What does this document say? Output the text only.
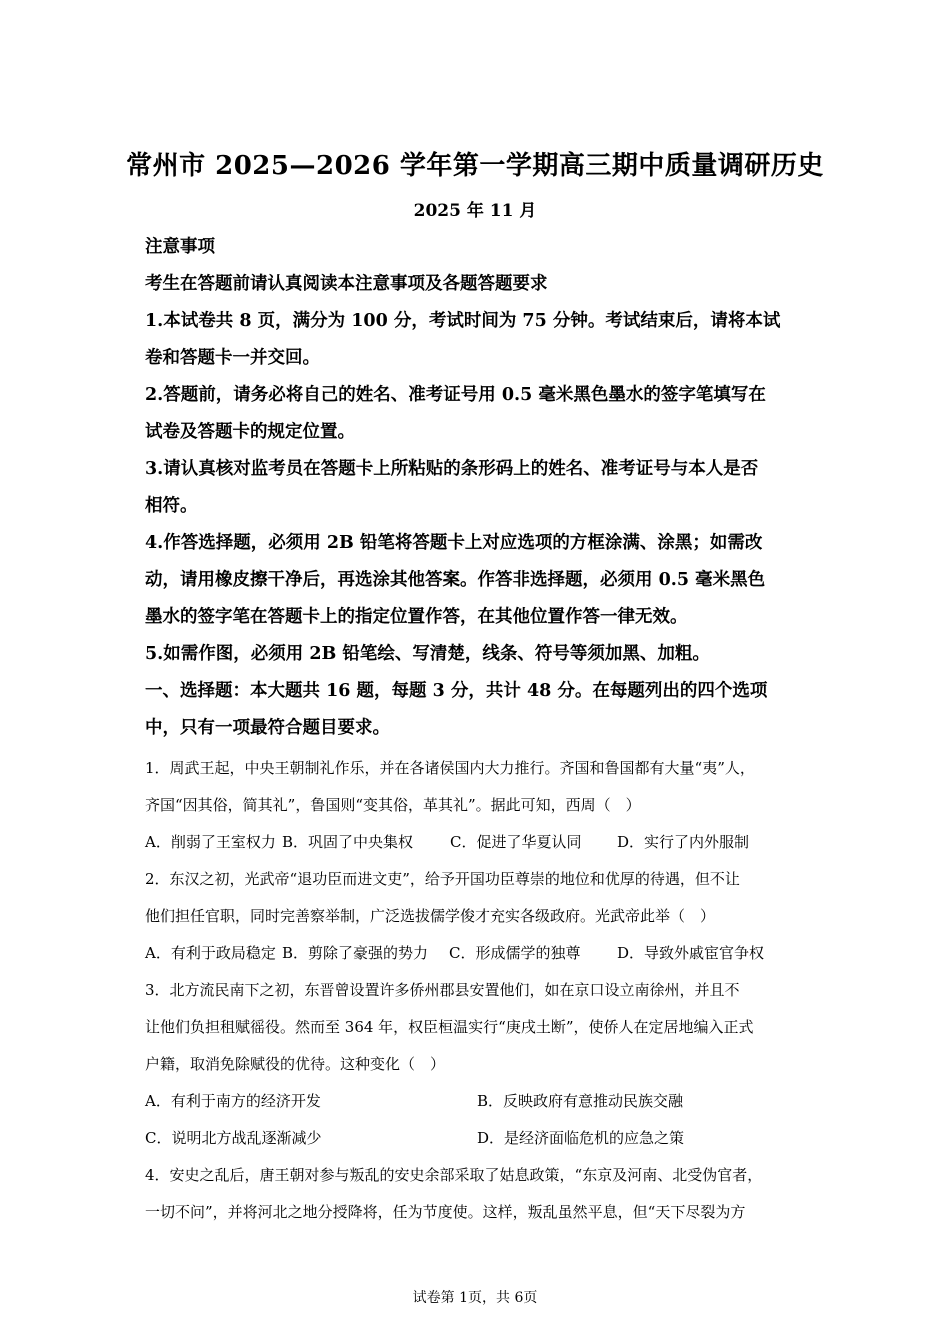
常州市 2025—2026 学年第一学期高三期中质量调研历史
2025 年 11 月
注意事项
考生在答题前请认真阅读本注意事项及各题答题要求
1.本试卷共 8 页，满分为 100 分，考试时间为 75 分钟。考试结束后，请将本试
卷和答题卡一并交回。
2.答题前，请务必将自己的姓名、准考证号用 0.5 毫米黑色墨水的签字笔填写在
试卷及答题卡的规定位置。
3.请认真核对监考员在答题卡上所粘贴的条形码上的姓名、准考证号与本人是否
相符。
4.作答选择题，必须用 2B 铅笔将答题卡上对应选项的方框涂满、涂黑；如需改
动，请用橡皮擦干净后，再选涂其他答案。作答非选择题，必须用 0.5 毫米黑色
墨水的签字笔在答题卡上的指定位置作答，在其他位置作答一律无效。
5.如需作图，必须用 2B 铅笔绘、写清楚，线条、符号等须加黑、加粗。
一、选择题：本大题共 16 题，每题 3 分，共计 48 分。在每题列出的四个选项
中，只有一项最符合题目要求。
1．周武王起，中央王朝制礼作乐，并在各诸侯国内大力推行。齐国和鲁国都有大量“夷”人，
齐国“因其俗，简其礼”，鲁国则“变其俗，革其礼”。据此可知，西周（　）
A．削弱了王室权力 B．巩固了中央集权	C．促进了华夏认同	D．实行了内外服制
2．东汉之初，光武帝“退功臣而进文吏”，给予开国功臣尊崇的地位和优厚的待遇，但不让
他们担任官职，同时完善察举制，广泛选拔儒学俊才充实各级政府。光武帝此举（　）
A．有利于政局稳定 B．剪除了豪强的势力	C．形成儒学的独尊	D．导致外戚宦官争权
3．北方流民南下之初，东晋曾设置许多侨州郡县安置他们，如在京口设立南徐州，并且不
让他们负担租赋徭役。然而至 364 年，权臣桓温实行“庚戌土断”，使侨人在定居地编入正式
户籍，取消免除赋役的优待。这种变化（　）
A．有利于南方的经济开发	B．反映政府有意推动民族交融
C．说明北方战乱逐渐减少	D．是经济面临危机的应急之策
4．安史之乱后，唐王朝对参与叛乱的安史余部采取了姑息政策，“东京及河南、北受伪官者，
一切不问”，并将河北之地分授降将，任为节度使。这样，叛乱虽然平息，但“天下尽裂为方
试卷第 1页，共 6页
